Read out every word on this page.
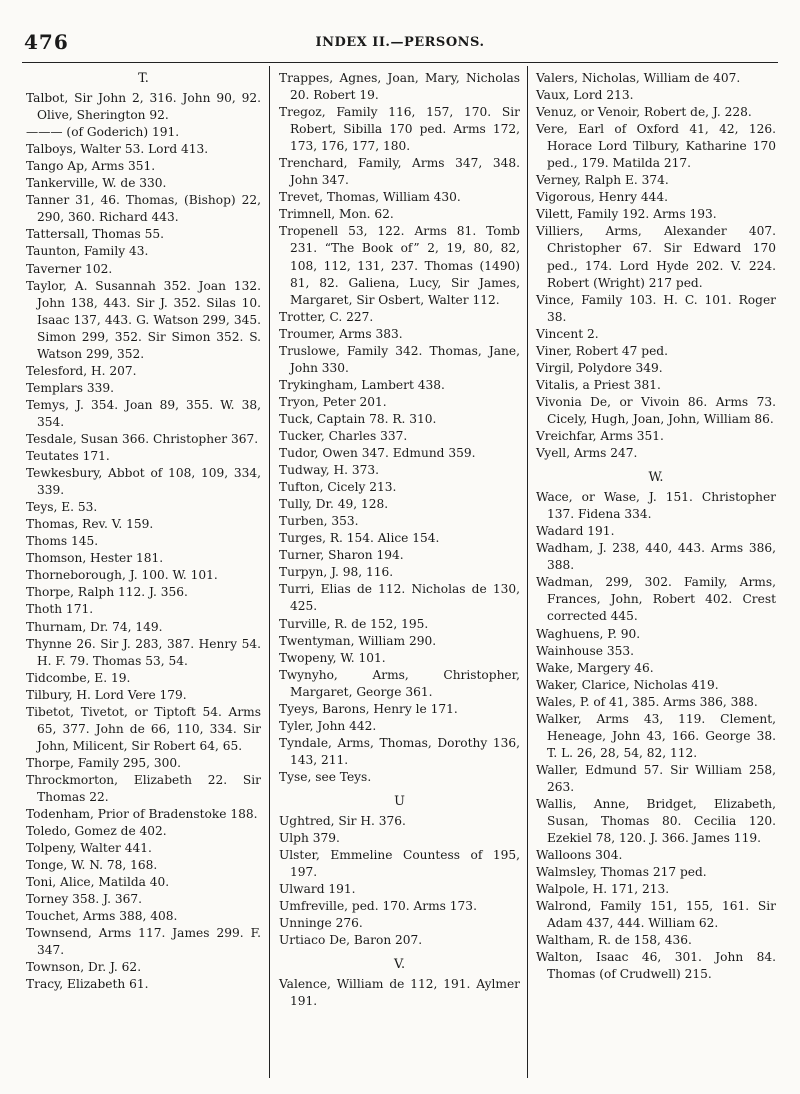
476	INDEX II.—PERSONS.
T.
Talbot, Sir John 2, 316. John 90, 92. Olive, Sherington 92.
——— (of Goderich) 191.
Talboys, Walter 53. Lord 413.
Tango Ap, Arms 351.
Tankerville, W. de 330.
Tanner 31, 46. Thomas, (Bishop) 22, 290, 360. Richard 443.
Tattersall, Thomas 55.
Taunton, Family 43.
Taverner 102.
Taylor, A. Susannah 352. Joan 132. John 138, 443. Sir J. 352. Silas 10. Isaac 137, 443. G. Watson 299, 345. Simon 299, 352. Sir Simon 352. S. Watson 299, 352.
Telesford, H. 207.
Templars 339.
Temys, J. 354. Joan 89, 355. W. 38, 354.
Tesdale, Susan 366. Christopher 367.
Teutates 171.
Tewkesbury, Abbot of 108, 109, 334, 339.
Teys, E. 53.
Thomas, Rev. V. 159.
Thoms 145.
Thomson, Hester 181.
Thorneborough, J. 100. W. 101.
Thorpe, Ralph 112. J. 356.
Thoth 171.
Thurnam, Dr. 74, 149.
Thynne 26. Sir J. 283, 387. Henry 54. H. F. 79. Thomas 53, 54.
Tidcombe, E. 19.
Tilbury, H. Lord Vere 179.
Tibetot, Tivetot, or Tiptoft 54. Arms 65, 377. John de 66, 110, 334. Sir John, Milicent, Sir Robert 64, 65.
Thorpe, Family 295, 300.
Throckmorton, Elizabeth 22. Sir Thomas 22.
Todenham, Prior of Bradenstoke 188.
Toledo, Gomez de 402.
Tolpeny, Walter 441.
Tonge, W. N. 78, 168.
Toni, Alice, Matilda 40.
Torney 358. J. 367.
Touchet, Arms 388, 408.
Townsend, Arms 117. James 299. F. 347.
Townson, Dr. J. 62.
Tracy, Elizabeth 61.
Trappes, Agnes, Joan, Mary, Nicholas 20. Robert 19.
Tregoz, Family 116, 157, 170. Sir Robert, Sibilla 170 ped. Arms 172, 173, 176, 177, 180.
Trenchard, Family, Arms 347, 348. John 347.
Trevet, Thomas, William 430.
Trimnell, Mon. 62.
Tropenell 53, 122. Arms 81. Tomb 231. “The Book of” 2, 19, 80, 82, 108, 112, 131, 237. Thomas (1490) 81, 82. Galiena, Lucy, Sir James, Margaret, Sir Osbert, Walter 112.
Trotter, C. 227.
Troumer, Arms 383.
Truslowe, Family 342. Thomas, Jane, John 330.
Trykingham, Lambert 438.
Tryon, Peter 201.
Tuck, Captain 78. R. 310.
Tucker, Charles 337.
Tudor, Owen 347. Edmund 359.
Tudway, H. 373.
Tufton, Cicely 213.
Tully, Dr. 49, 128.
Turben, 353.
Turges, R. 154. Alice 154.
Turner, Sharon 194.
Turpyn, J. 98, 116.
Turri, Elias de 112. Nicholas de 130, 425.
Turville, R. de 152, 195.
Twentyman, William 290.
Twopeny, W. 101.
Twynyho, Arms, Christopher, Margaret, George 361.
Tyeys, Barons, Henry le 171.
Tyler, John 442.
Tyndale, Arms, Thomas, Dorothy 136, 143, 211.
Tyse, see Teys.
U
Ughtred, Sir H. 376.
Ulph 379.
Ulster, Emmeline Countess of 195, 197.
Ulward 191.
Umfreville, ped. 170. Arms 173.
Unninge 276.
Urtiaco De, Baron 207.
V.
Valence, William de 112, 191. Aylmer 191.
Valers, Nicholas, William de 407.
Vaux, Lord 213.
Venuz, or Venoir, Robert de, J. 228.
Vere, Earl of Oxford 41, 42, 126. Horace Lord Tilbury, Katharine 170 ped., 179. Matilda 217.
Verney, Ralph E. 374.
Vigorous, Henry 444.
Vilett, Family 192. Arms 193.
Villiers, Arms, Alexander 407. Christopher 67. Sir Edward 170 ped., 174. Lord Hyde 202. V. 224. Robert (Wright) 217 ped.
Vince, Family 103. H. C. 101. Roger 38.
Vincent 2.
Viner, Robert 47 ped.
Virgil, Polydore 349.
Vitalis, a Priest 381.
Vivonia De, or Vivoin 86. Arms 73. Cicely, Hugh, Joan, John, William 86.
Vreichfar, Arms 351.
Vyell, Arms 247.
W.
Wace, or Wase, J. 151. Christopher 137. Fidena 334.
Wadard 191.
Wadham, J. 238, 440, 443. Arms 386, 388.
Wadman, 299, 302. Family, Arms, Frances, John, Robert 402. Crest corrected 445.
Waghuens, P. 90.
Wainhouse 353.
Wake, Margery 46.
Waker, Clarice, Nicholas 419.
Wales, P. of 41, 385. Arms 386, 388.
Walker, Arms 43, 119. Clement, Heneage, John 43, 166. George 38. T. L. 26, 28, 54, 82, 112.
Waller, Edmund 57. Sir William 258, 263.
Wallis, Anne, Bridget, Elizabeth, Susan, Thomas 80. Cecilia 120. Ezekiel 78, 120. J. 366. James 119.
Walloons 304.
Walmsley, Thomas 217 ped.
Walpole, H. 171, 213.
Walrond, Family 151, 155, 161. Sir Adam 437, 444. William 62.
Waltham, R. de 158, 436.
Walton, Isaac 46, 301. John 84. Thomas (of Crudwell) 215.
